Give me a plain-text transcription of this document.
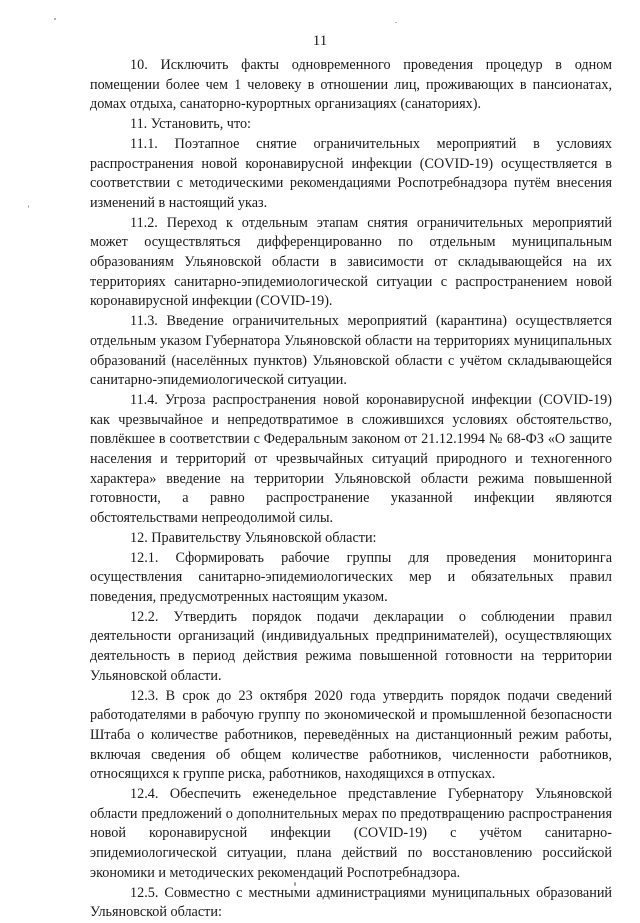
11

10. Исключить факты одновременного проведения процедур в одном помещении более чем 1 человеку в отношении лиц, проживающих в пансионатах, домах отдыха, санаторно-курортных организациях (санаториях).

11. Установить, что:

11.1. Поэтапное снятие ограничительных мероприятий в условиях распространения новой коронавирусной инфекции (COVID-19) осуществляется в соответствии с методическими рекомендациями Роспотребнадзора путём внесения изменений в настоящий указ.

11.2. Переход к отдельным этапам снятия ограничительных мероприятий может осуществляться дифференцированно по отдельным муниципальным образованиям Ульяновской области в зависимости от складывающейся на их территориях санитарно-эпидемиологической ситуации с распространением новой коронавирусной инфекции (COVID-19).

11.3. Введение ограничительных мероприятий (карантина) осуществляется отдельным указом Губернатора Ульяновской области на территориях муниципальных образований (населённых пунктов) Ульяновской области с учётом складывающейся санитарно-эпидемиологической ситуации.

11.4. Угроза распространения новой коронавирусной инфекции (COVID-19) как чрезвычайное и непредотвратимое в сложившихся условиях обстоятельство, повлёкшее в соответствии с Федеральным законом от 21.12.1994 № 68-ФЗ «О защите населения и территорий от чрезвычайных ситуаций природного и техногенного характера» введение на территории Ульяновской области режима повышенной готовности, а равно распространение указанной инфекции являются обстоятельствами непреодолимой силы.

12. Правительству Ульяновской области:

12.1. Сформировать рабочие группы для проведения мониторинга осуществления санитарно-эпидемиологических мер и обязательных правил поведения, предусмотренных настоящим указом.

12.2. Утвердить порядок подачи декларации о соблюдении правил деятельности организаций (индивидуальных предпринимателей), осуществляющих деятельность в период действия режима повышенной готовности на территории Ульяновской области.

12.3. В срок до 23 октября 2020 года утвердить порядок подачи сведений работодателями в рабочую группу по экономической и промышленной безопасности Штаба о количестве работников, переведённых на дистанционный режим работы, включая сведения об общем количестве работников, численности работников, относящихся к группе риска, работников, находящихся в отпусках.

12.4. Обеспечить еженедельное представление Губернатору Ульяновской области предложений о дополнительных мерах по предотвращению распространения новой коронавирусной инфекции (COVID-19) с учётом санитарно-эпидемиологической ситуации, плана действий по восстановлению российской экономики и методических рекомендаций Роспотребнадзора.

12.5. Совместно с местными администрациями муниципальных образований Ульяновской области:
